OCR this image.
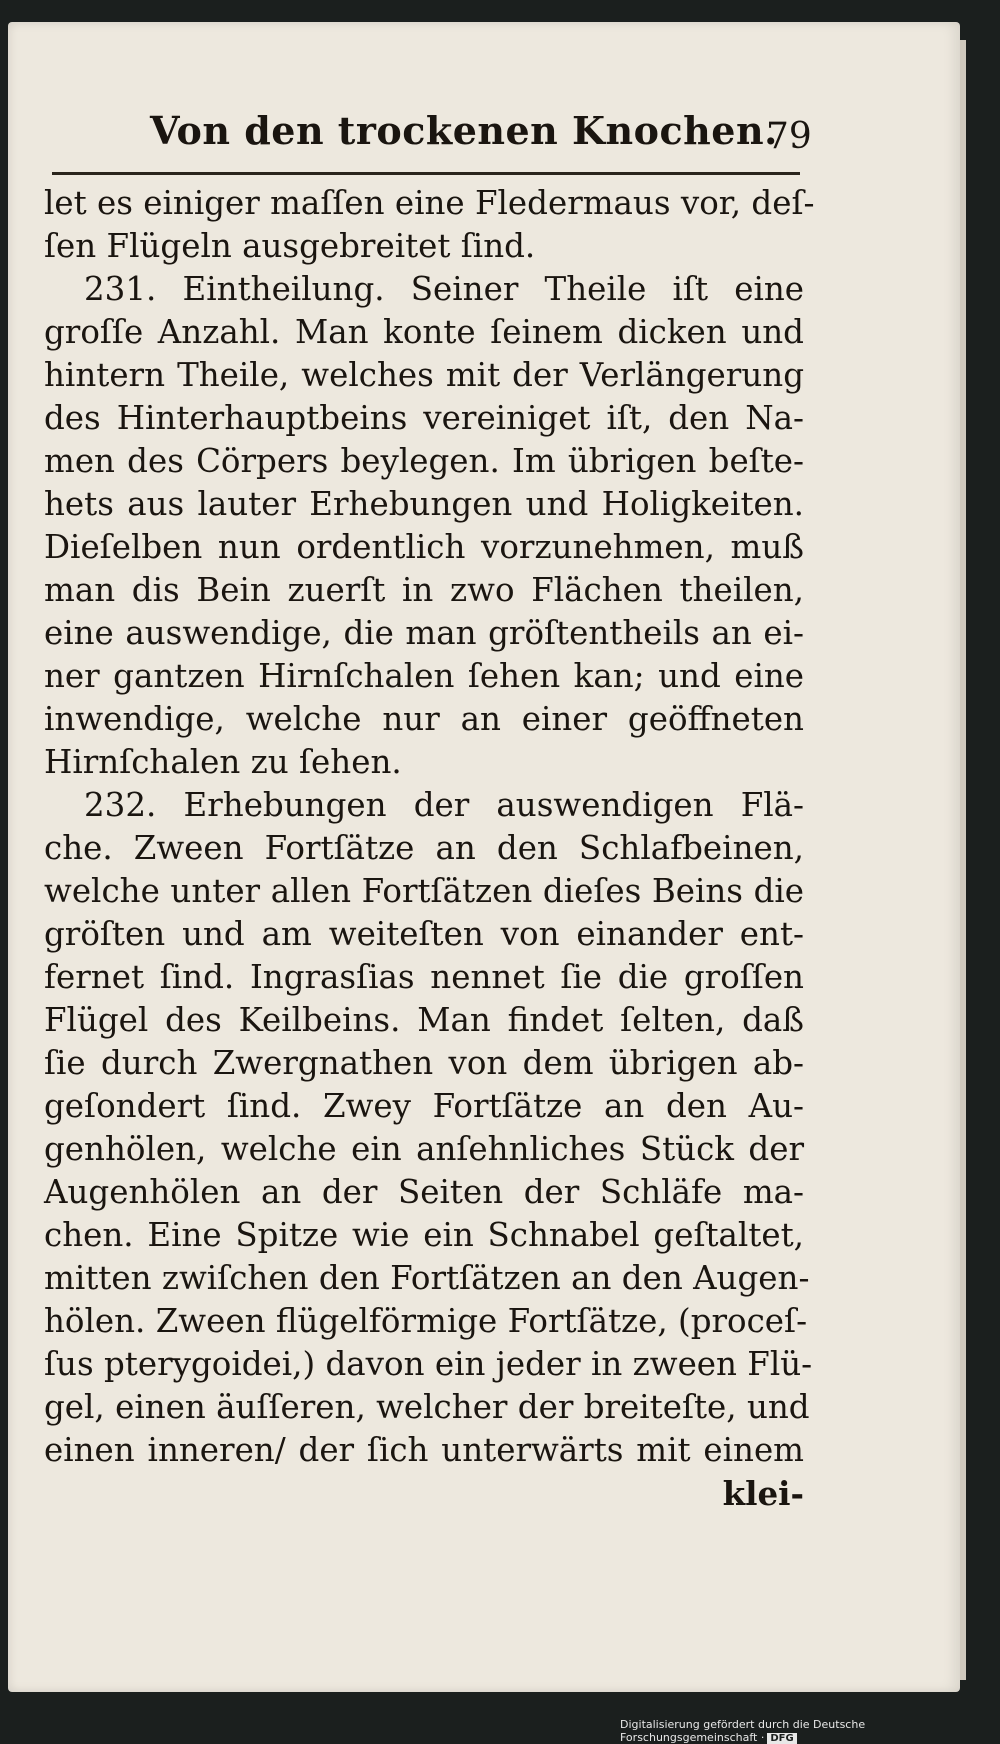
Von den trockenen Knochen.
79
let es einiger maſſen eine Fledermaus vor, deſ-
ſen Flügeln ausgebreitet ſind.
231. Eintheilung. Seiner Theile iſt eine
groſſe Anzahl. Man konte ſeinem dicken und
hintern Theile, welches mit der Verlängerung
des Hinterhauptbeins vereiniget iſt, den Na-
men des Cörpers beylegen. Im übrigen beſte-
hets aus lauter Erhebungen und Holigkeiten.
Dieſelben nun ordentlich vorzunehmen, muß
man dis Bein zuerſt in zwo Flächen theilen,
eine auswendige, die man gröſtentheils an ei-
ner gantzen Hirnſchalen ſehen kan; und eine
inwendige, welche nur an einer geöffneten
Hirnſchalen zu ſehen.
232. Erhebungen der auswendigen Flä-
che. Zween Fortſätze an den Schlafbeinen,
welche unter allen Fortſätzen dieſes Beins die
gröſten und am weiteſten von einander ent-
fernet ſind. Ingrasſias nennet ſie die groſſen
Flügel des Keilbeins. Man findet ſelten, daß
ſie durch Zwergnathen von dem übrigen ab-
geſondert ſind. Zwey Fortſätze an den Au-
genhölen, welche ein anſehnliches Stück der
Augenhölen an der Seiten der Schläfe ma-
chen. Eine Spitze wie ein Schnabel geſtaltet,
mitten zwiſchen den Fortſätzen an den Augen-
hölen. Zween flügelförmige Fortſätze, (proceſ-
ſus pterygoidei,) davon ein jeder in zween Flü-
gel, einen äuſſeren, welcher der breiteſte, und
einen inneren/ der ſich unterwärts mit einem
klei-
Digitalisierung gefördert durch die Deutsche Forschungsgemeinschaft · DFG
